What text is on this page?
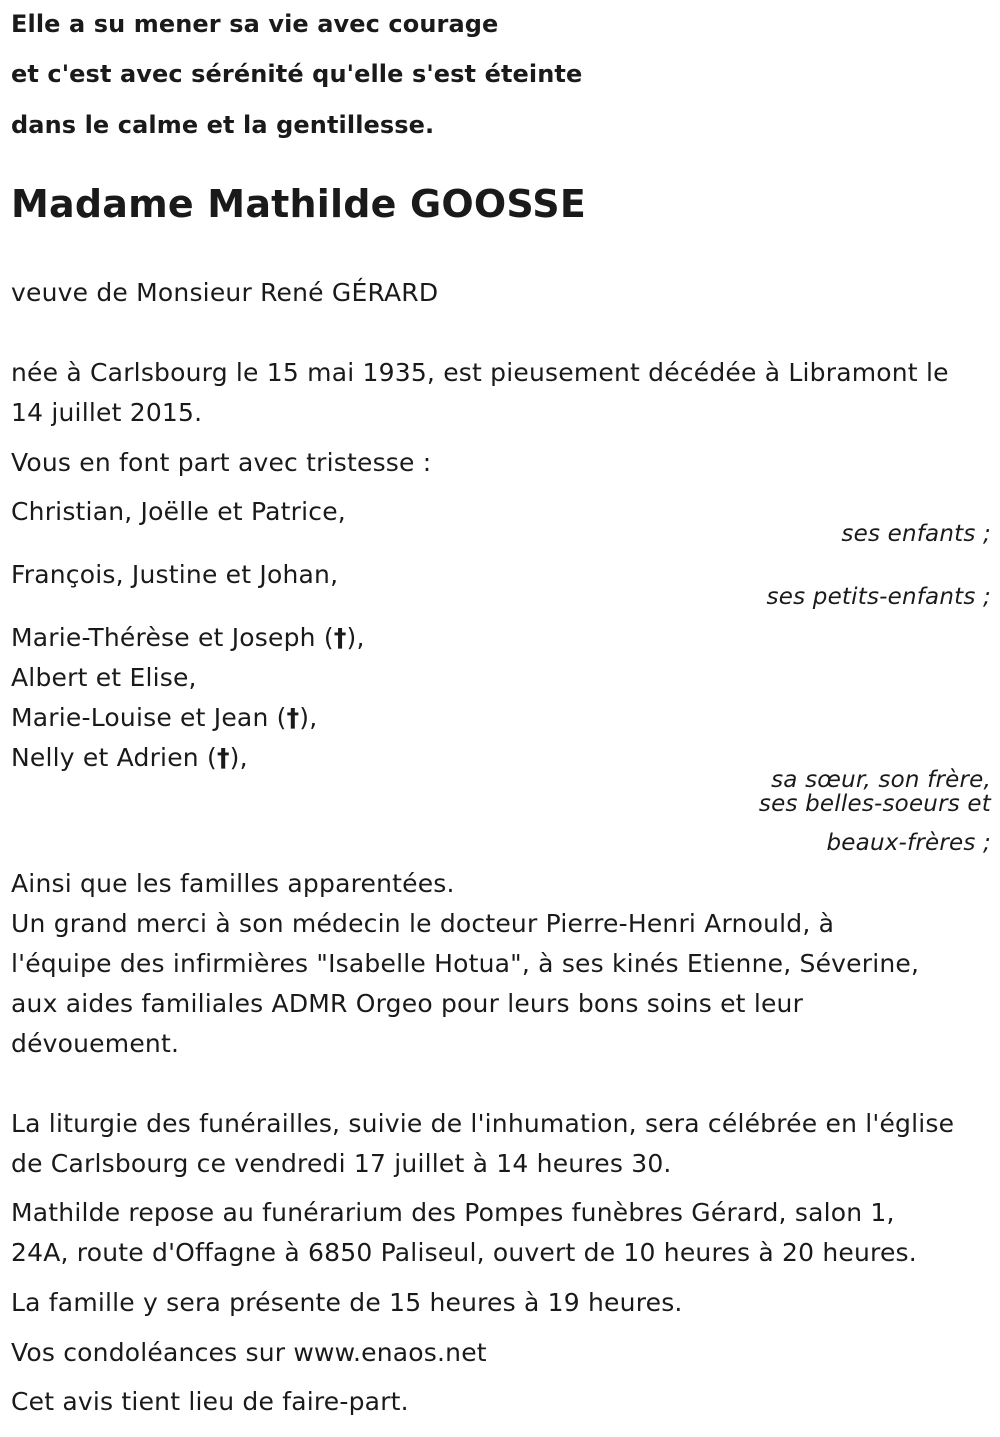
Elle a su mener sa vie avec courage
et c'est avec sérénité qu'elle s'est éteinte
dans le calme et la gentillesse.
Madame Mathilde GOOSSE
veuve de Monsieur René GÉRARD
née à Carlsbourg le 15 mai 1935, est pieusement décédée à Libramont le
14 juillet 2015.
Vous en font part avec tristesse :
Christian, Joëlle et Patrice,
ses enfants ;
François, Justine et Johan,
ses petits-enfants ;
Marie-Thérèse et Joseph (†),
Albert et Elise,
Marie-Louise et Jean (†),
Nelly et Adrien (†),
sa sœur, son frère,
ses belles-soeurs et
beaux-frères ;
Ainsi que les familles apparentées.
Un grand merci à son médecin le docteur Pierre-Henri Arnould, à
l'équipe des infirmières "Isabelle Hotua", à ses kinés Etienne, Séverine,
aux aides familiales ADMR Orgeo pour leurs bons soins et leur
dévouement.
La liturgie des funérailles, suivie de l'inhumation, sera célébrée en l'église
de Carlsbourg ce vendredi 17 juillet à 14 heures 30.
Mathilde repose au funérarium des Pompes funèbres Gérard, salon 1,
24A, route d'Offagne à 6850 Paliseul, ouvert de 10 heures à 20 heures.
La famille y sera présente de 15 heures à 19 heures.
Vos condoléances sur www.enaos.net
Cet avis tient lieu de faire-part.
